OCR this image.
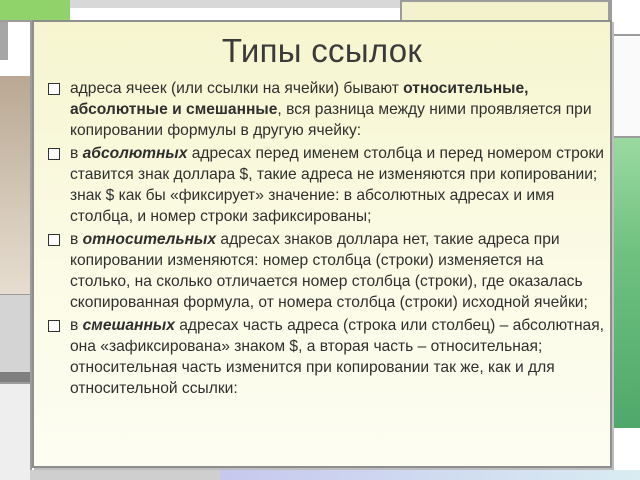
Типы ссылок
адреса ячеек (или ссылки на ячейки) бывают относительные, абсолютные и смешанные, вся разница между ними проявляется при копировании формулы в другую ячейку:
в абсолютных адресах перед именем столбца и перед номером строки ставится знак доллара $, такие адреса не изменяются при копировании; знак $ как бы «фиксирует» значение: в абсолютных адресах и имя столбца, и номер строки зафиксированы;
в относительных адресах знаков доллара нет, такие адреса при копировании изменяются: номер столбца (строки) изменяется на столько, на сколько отличается номер столбца (строки), где оказалась скопированная формула, от номера столбца (строки) исходной ячейки;
в смешанных адресах часть адреса (строка или столбец) – абсолютная, она «зафиксирована» знаком $, а вторая часть – относительная; относительная часть изменится при копировании так же, как и для относительной ссылки:
